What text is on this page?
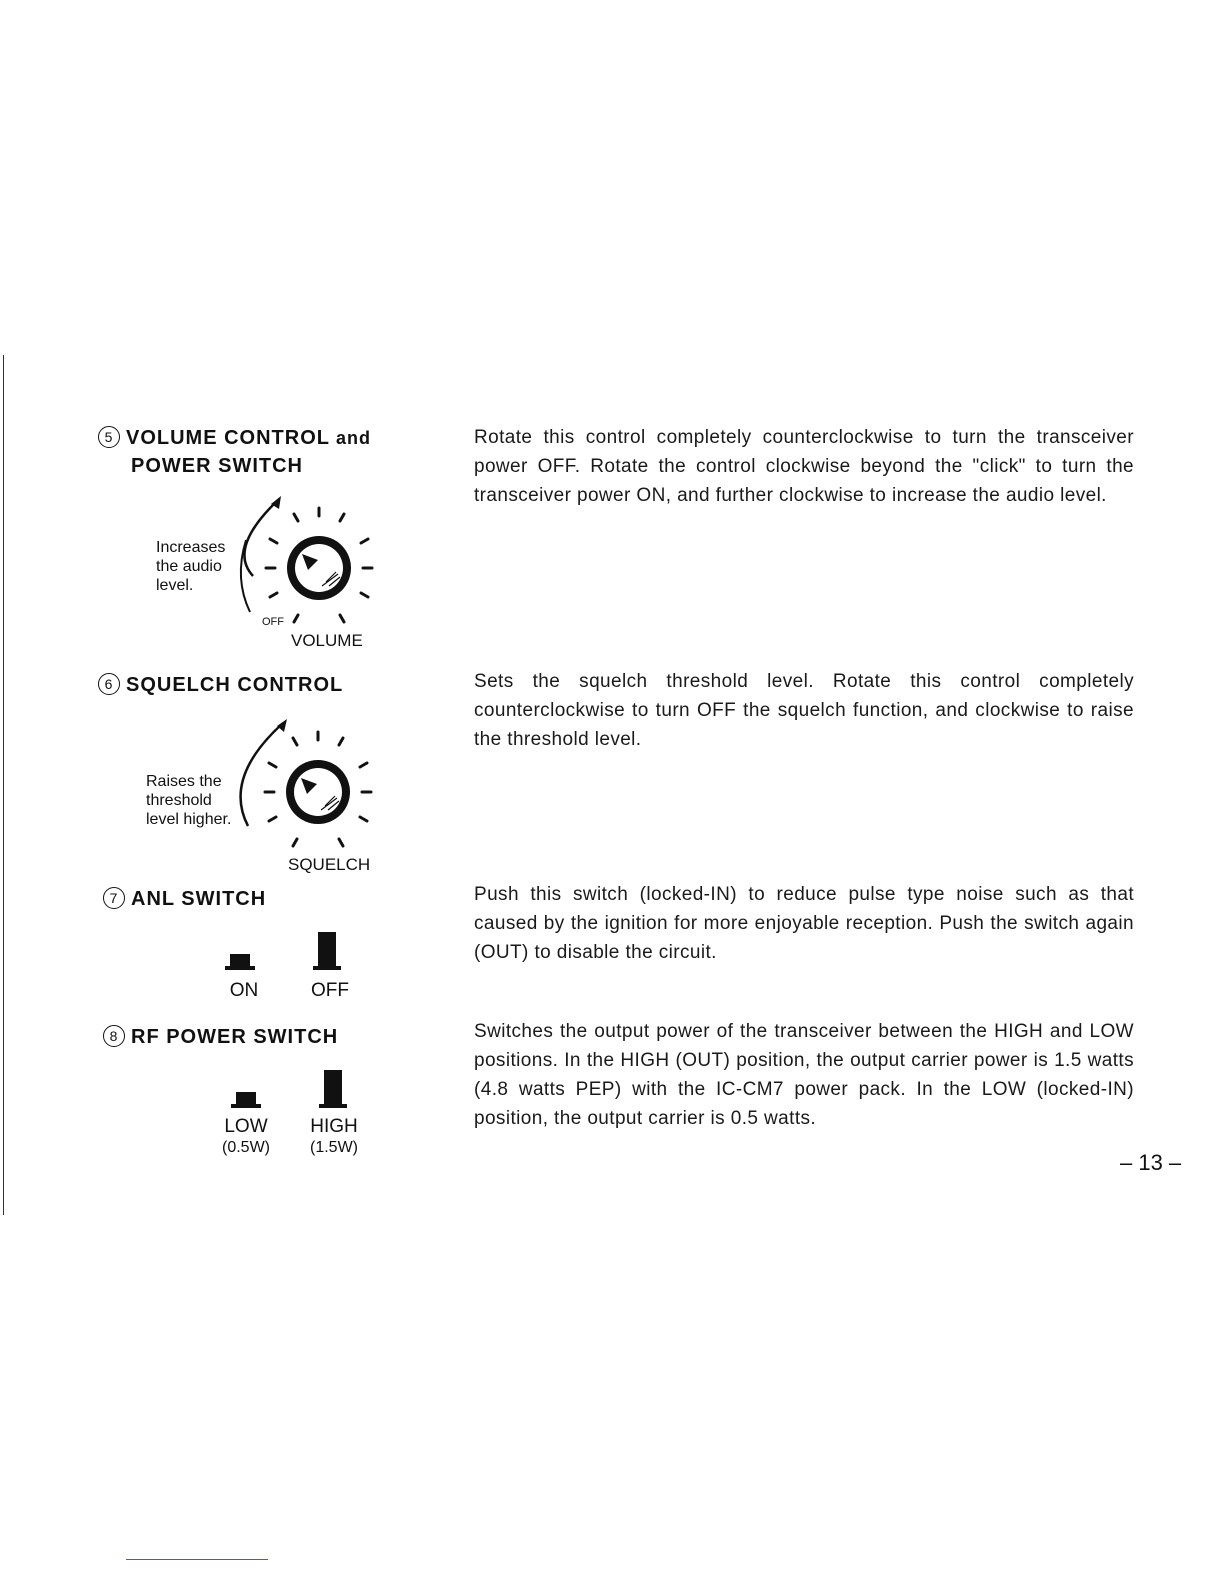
5 VOLUME CONTROL and
POWER SWITCH
Increases
the audio
level.
OFF
VOLUME

Rotate this control completely counterclockwise to turn the transceiver power OFF. Rotate the control clockwise beyond the "click" to turn the transceiver power ON, and further clockwise to increase the audio level.

6 SQUELCH CONTROL
Raises the
threshold
level higher.
SQUELCH

Sets the squelch threshold level. Rotate this control completely counterclockwise to turn OFF the squelch function, and clockwise to raise the threshold level.

7 ANL SWITCH
ON	OFF

Push this switch (locked-IN) to reduce pulse type noise such as that caused by the ignition for more enjoyable reception. Push the switch again (OUT) to disable the circuit.

8 RF POWER SWITCH
LOW
(0.5W)
HIGH
(1.5W)

Switches the output power of the transceiver between the HIGH and LOW positions. In the HIGH (OUT) position, the output carrier power is 1.5 watts (4.8 watts PEP) with the IC-CM7 power pack. In the LOW (locked-IN) position, the output carrier is 0.5 watts.

– 13 –
